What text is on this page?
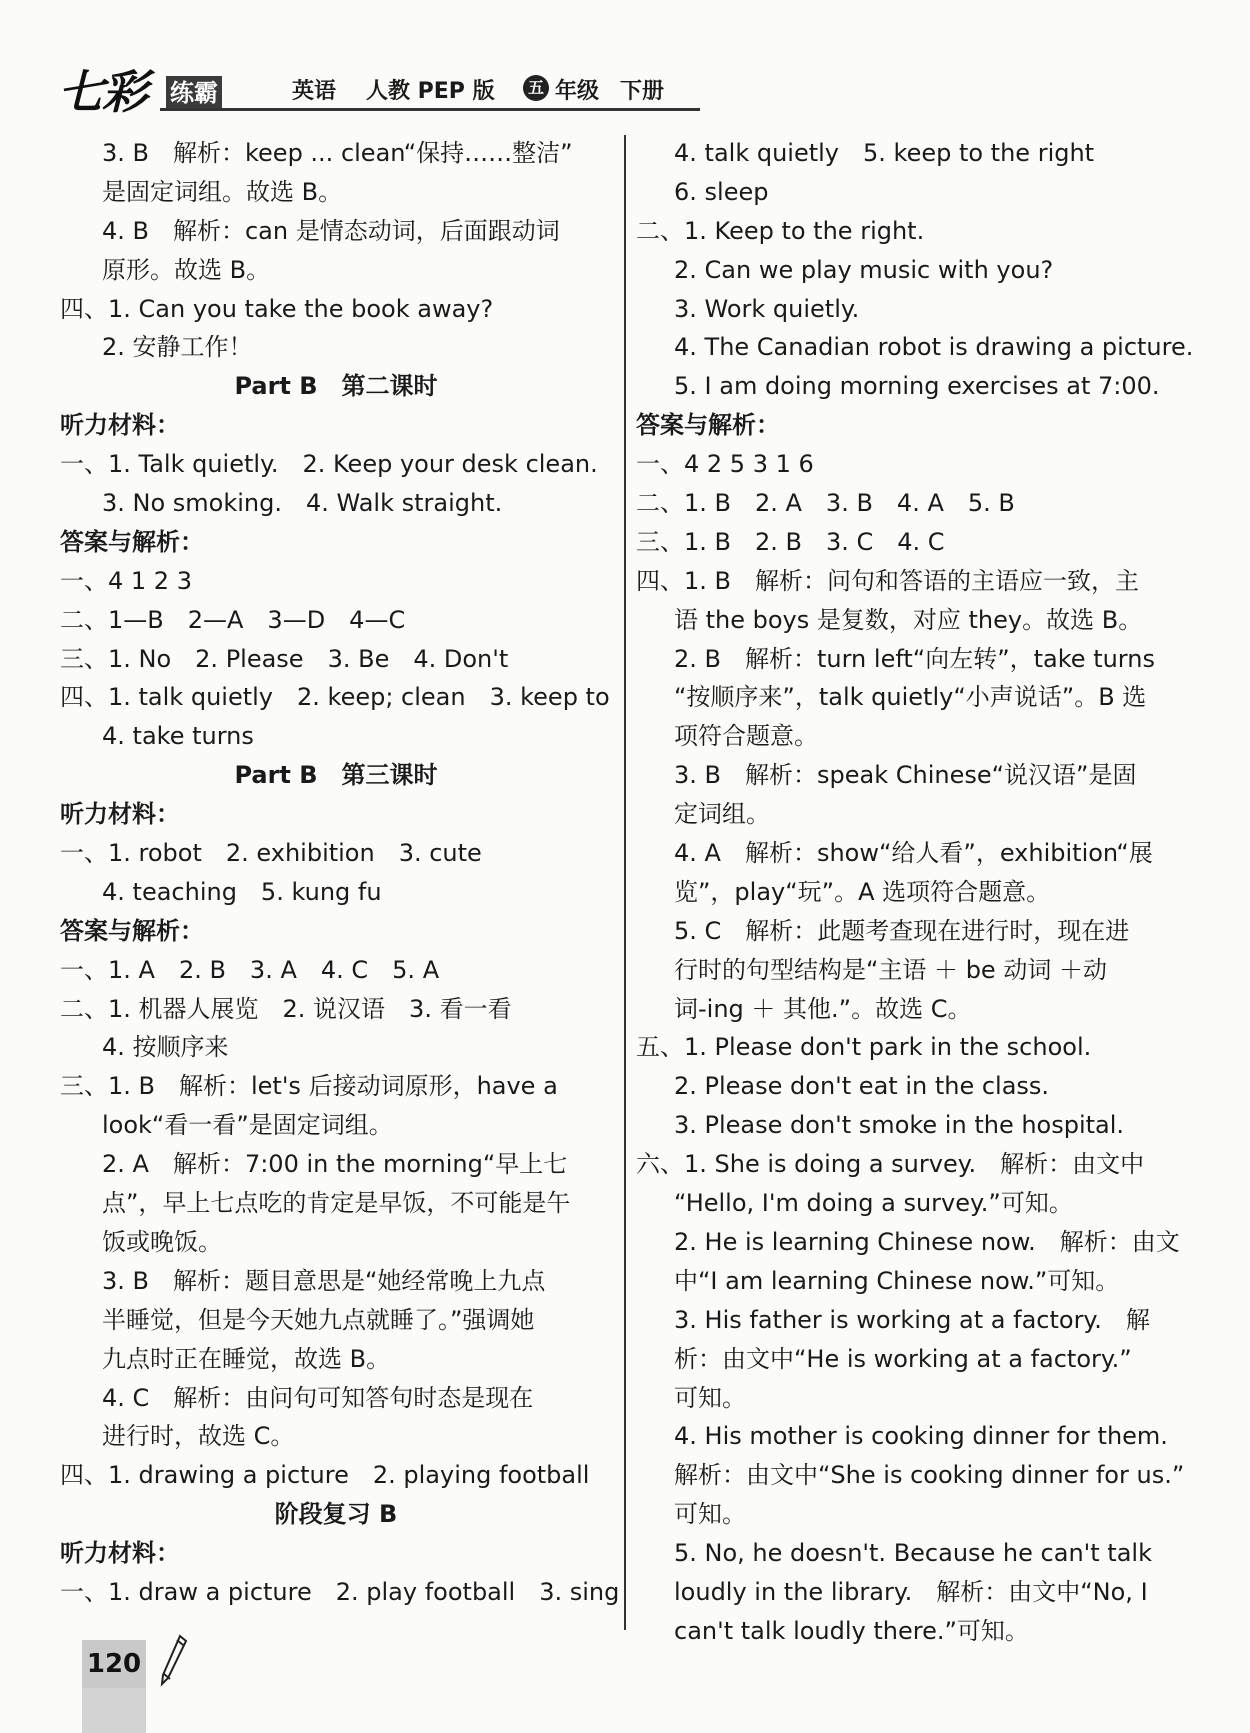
七彩 练霸	英语 人教 PEP 版	五 年级 下册
3. B　解析：keep ... clean“保持……整洁”
是固定词组。故选 B。
4. B　解析：can 是情态动词，后面跟动词
原形。故选 B。
四、1. Can you take the book away?
2. 安静工作！
Part B　第二课时
听力材料：
一、1. Talk quietly.　2. Keep your desk clean.
3. No smoking.　4. Walk straight.
答案与解析：
一、4 1 2 3
二、1—B　2—A　3—D　4—C
三、1. No　2. Please　3. Be　4. Don't
四、1. talk quietly　2. keep; clean　3. keep to
4. take turns
Part B　第三课时
听力材料：
一、1. robot　2. exhibition　3. cute
4. teaching　5. kung fu
答案与解析：
一、1. A　2. B　3. A　4. C　5. A
二、1. 机器人展览　2. 说汉语　3. 看一看
4. 按顺序来
三、1. B　解析：let's 后接动词原形，have a
look“看一看”是固定词组。
2. A　解析：7:00 in the morning“早上七
点”，早上七点吃的肯定是早饭，不可能是午
饭或晚饭。
3. B　解析：题目意思是“她经常晚上九点
半睡觉，但是今天她九点就睡了。”强调她
九点时正在睡觉，故选 B。
4. C　解析：由问句可知答句时态是现在
进行时，故选 C。
四、1. drawing a picture　2. playing football
阶段复习 B
听力材料：
一、1. draw a picture　2. play football　3. sing
4. talk quietly　5. keep to the right
6. sleep
二、1. Keep to the right.
2. Can we play music with you?
3. Work quietly.
4. The Canadian robot is drawing a picture.
5. I am doing morning exercises at 7:00.
答案与解析：
一、4 2 5 3 1 6
二、1. B　2. A　3. B　4. A　5. B
三、1. B　2. B　3. C　4. C
四、1. B　解析：问句和答语的主语应一致，主
语 the boys 是复数，对应 they。故选 B。
2. B　解析：turn left“向左转”，take turns
“按顺序来”，talk quietly“小声说话”。B 选
项符合题意。
3. B　解析：speak Chinese“说汉语”是固
定词组。
4. A　解析：show“给人看”，exhibition“展
览”，play“玩”。A 选项符合题意。
5. C　解析：此题考查现在进行时，现在进
行时的句型结构是“主语 ＋ be 动词 ＋动
词-ing ＋ 其他.”。故选 C。
五、1. Please don't park in the school.
2. Please don't eat in the class.
3. Please don't smoke in the hospital.
六、1. She is doing a survey.　解析：由文中
“Hello, I'm doing a survey.”可知。
2. He is learning Chinese now.　解析：由文
中“I am learning Chinese now.”可知。
3. His father is working at a factory.　解
析：由文中“He is working at a factory.”
可知。
4. His mother is cooking dinner for them.
解析：由文中“She is cooking dinner for us.”
可知。
5. No, he doesn't. Because he can't talk
loudly in the library.　解析：由文中“No, I
can't talk loudly there.”可知。
120
